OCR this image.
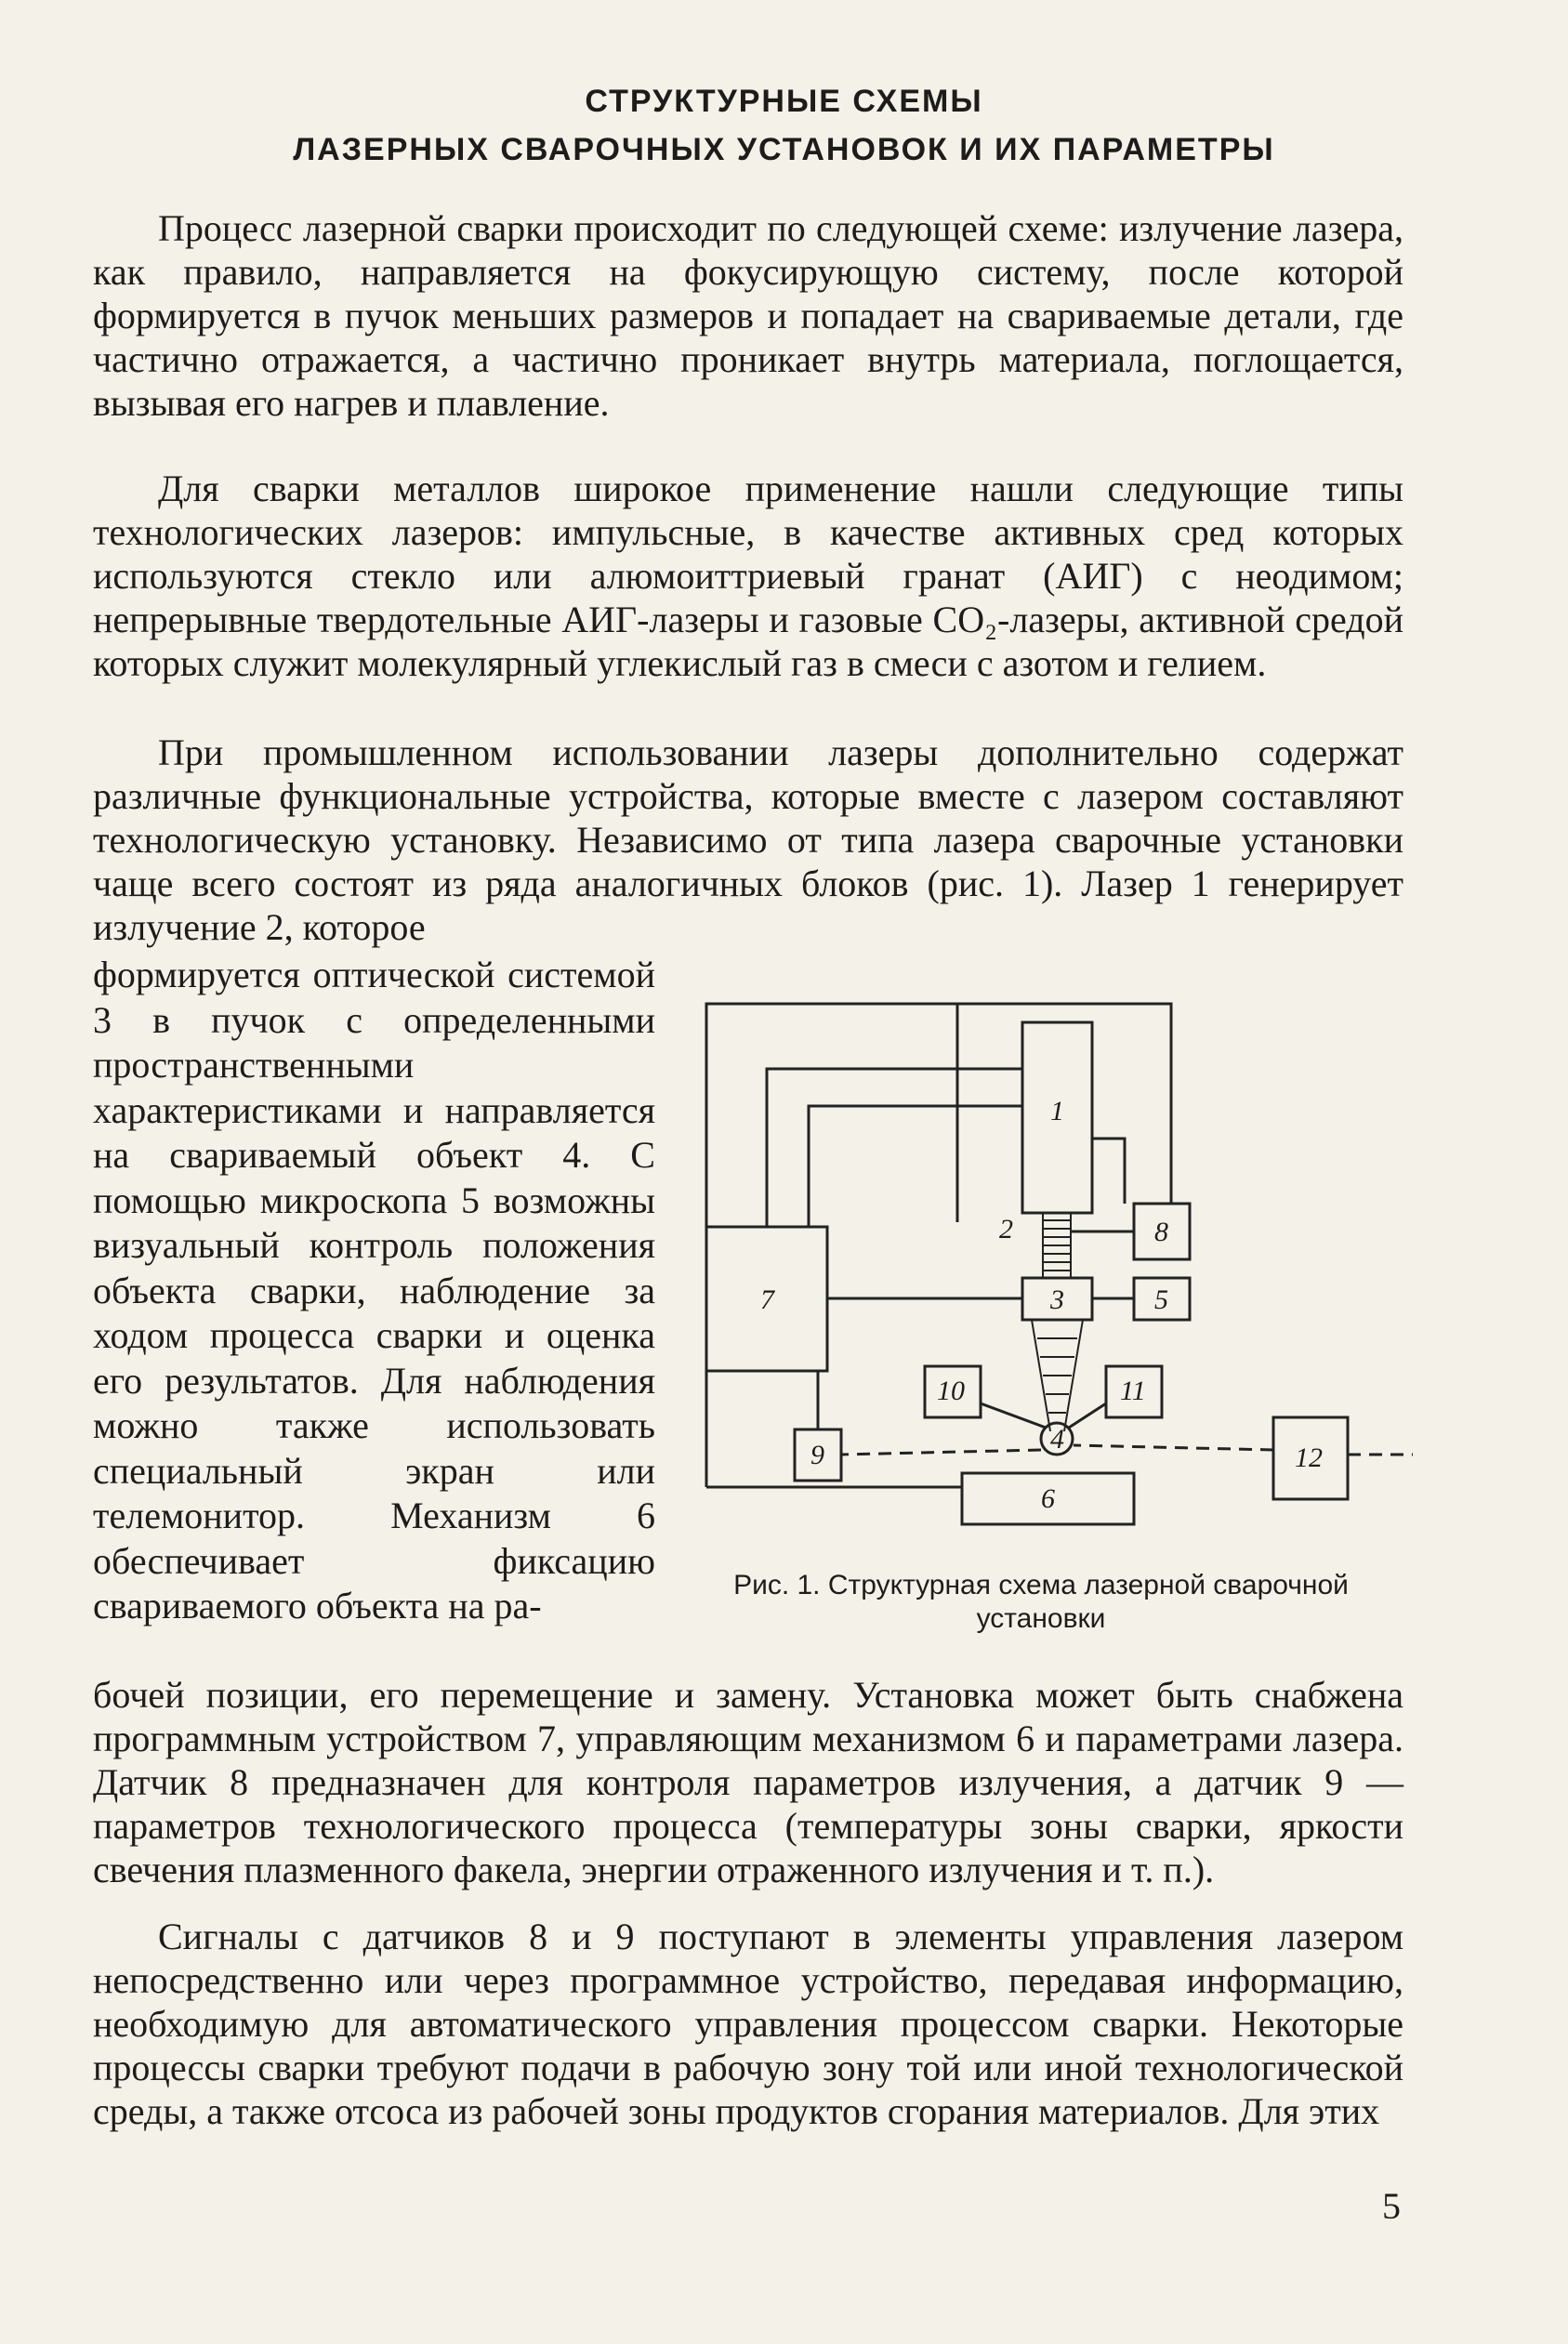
СТРУКТУРНЫЕ СХЕМЫ
ЛАЗЕРНЫХ СВАРОЧНЫХ УСТАНОВОК И ИХ ПАРАМЕТРЫ

Процесс лазерной сварки происходит по следующей схеме: излучение лазера, как правило, направляется на фокусирующую систему, после которой формируется в пучок меньших размеров и попадает на свариваемые детали, где частично отражается, а частично проникает внутрь материала, поглощается, вызывая его нагрев и плавление.

Для сварки металлов широкое применение нашли следующие типы технологических лазеров: импульсные, в качестве активных сред которых используются стекло или алюмоиттриевый гранат (АИГ) с неодимом; непрерывные твердотельные АИГ-лазеры и газовые CO₂-лазеры, активной средой которых служит молекулярный углекислый газ в смеси с азотом и гелием.

При промышленном использовании лазеры дополнительно содержат различные функциональные устройства, которые вместе с лазером составляют технологическую установку. Независимо от типа лазера сварочные установки чаще всего состоят из ряда аналогичных блоков (рис. 1). Лазер 1 генерирует излучение 2, которое

формируется оптической системой 3 в пучок с определенными пространственными характеристиками и направляется на свариваемый объект 4. С помощью микроскопа 5 возможны визуальный контроль положения объекта сварки, наблюдение за ходом процесса сварки и оценка его результатов. Для наблюдения можно также использовать специальный экран или телемонитор. Механизм 6 обеспечивает фиксацию свариваемого объекта на ра-

1
2
3
4
5
6
7
8
9
10	11
12

Рис. 1. Структурная схема лазерной сварочной установки

бочей позиции, его перемещение и замену. Установка может быть снабжена программным устройством 7, управляющим механизмом 6 и параметрами лазера. Датчик 8 предназначен для контроля параметров излучения, а датчик 9 — параметров технологического процесса (температуры зоны сварки, яркости свечения плазменного факела, энергии отраженного излучения и т. п.).

Сигналы с датчиков 8 и 9 поступают в элементы управления лазером непосредственно или через программное устройство, передавая информацию, необходимую для автоматического управления процессом сварки. Некоторые процессы сварки требуют подачи в рабочую зону той или иной технологической среды, а также отсоса из рабочей зоны продуктов сгорания материалов. Для этих

5
